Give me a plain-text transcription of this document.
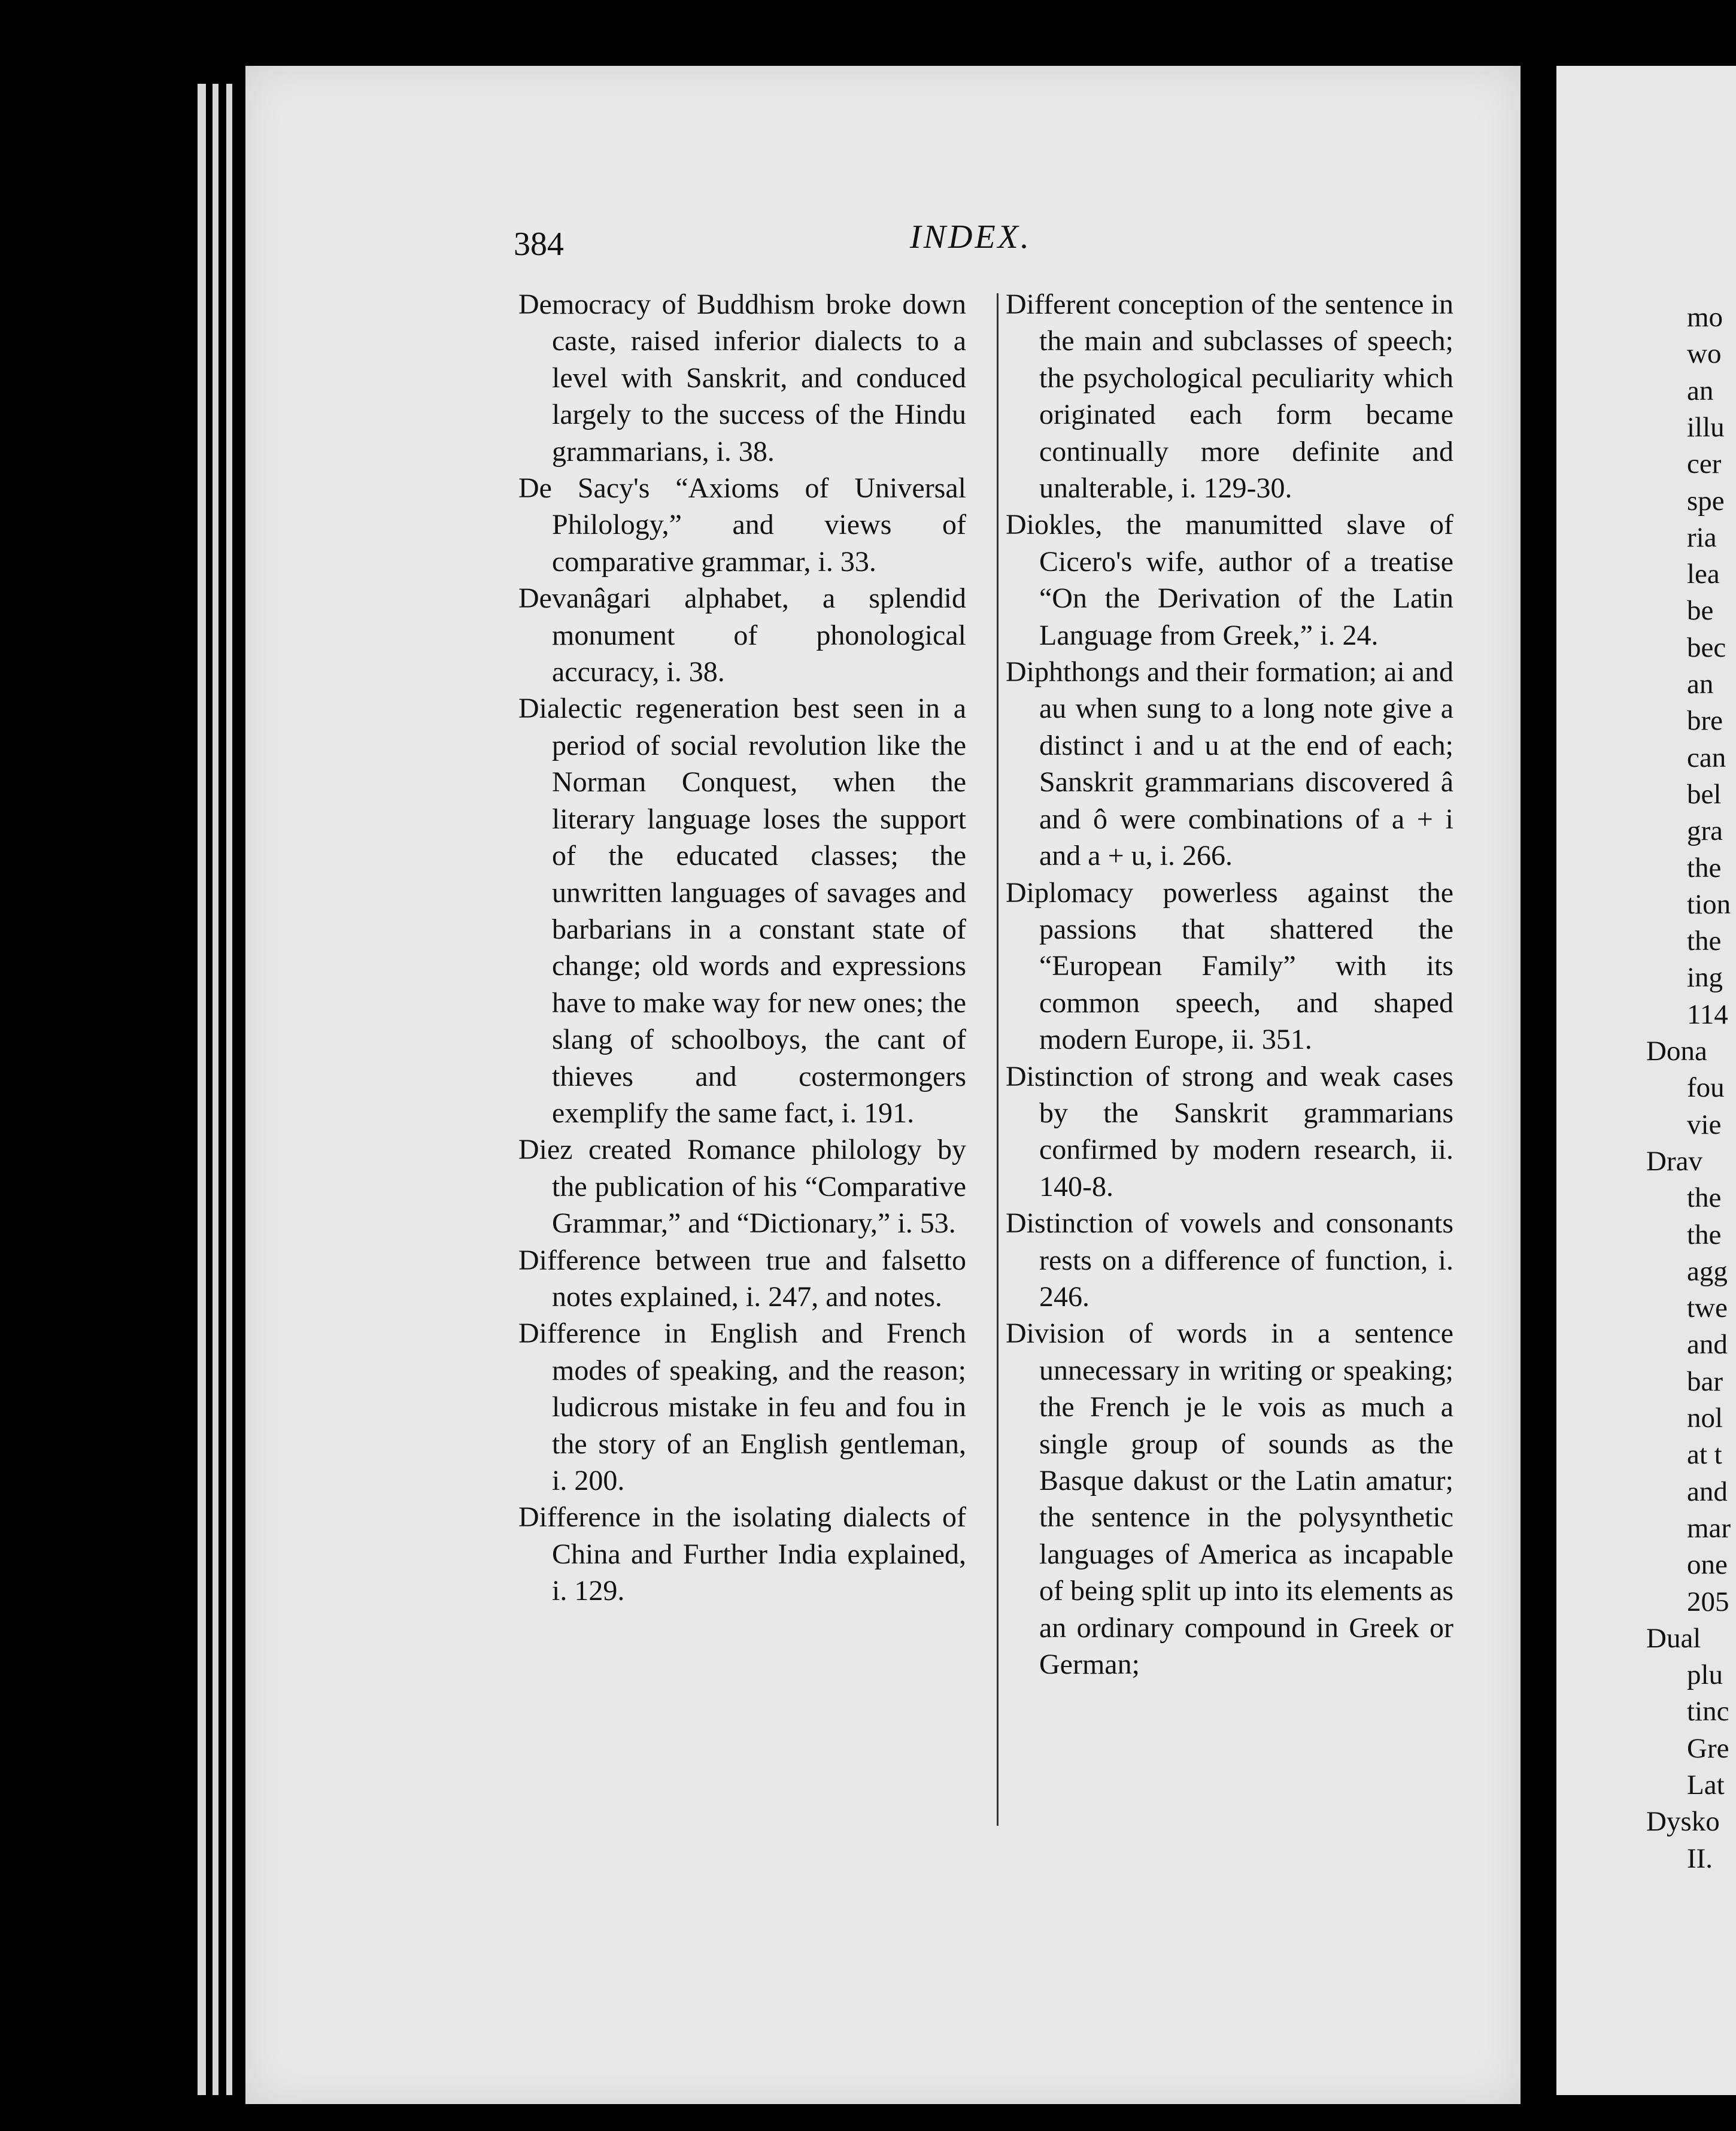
384	INDEX.

Democracy of Buddhism broke down caste, raised inferior dialects to a level with Sanskrit, and conduced largely to the success of the Hindu grammarians, i. 38.

De Sacy's “Axioms of Universal Philology,” and views of comparative grammar, i. 33.

Devanâgari alphabet, a splendid monument of phonological accuracy, i. 38.

Dialectic regeneration best seen in a period of social revolution like the Norman Conquest, when the literary language loses the support of the educated classes; the unwritten languages of savages and barbarians in a constant state of change; old words and expressions have to make way for new ones; the slang of schoolboys, the cant of thieves and costermongers exemplify the same fact, i. 191.

Diez created Romance philology by the publication of his “Comparative Grammar,” and “Dictionary,” i. 53.

Difference between true and falsetto notes explained, i. 247, and notes.

Difference in English and French modes of speaking, and the reason; ludicrous mistake in feu and fou in the story of an English gentleman, i. 200.

Difference in the isolating dialects of China and Further India explained, i. 129.

Different conception of the sentence in the main and subclasses of speech; the psychological peculiarity which originated each form became continually more definite and unalterable, i. 129-30.

Diokles, the manumitted slave of Cicero's wife, author of a treatise “On the Derivation of the Latin Language from Greek,” i. 24.

Diphthongs and their formation; ai and au when sung to a long note give a distinct i and u at the end of each; Sanskrit grammarians discovered â and ô were combinations of a + i and a + u, i. 266.

Diplomacy powerless against the passions that shattered the “European Family” with its common speech, and shaped modern Europe, ii. 351.

Distinction of strong and weak cases by the Sanskrit grammarians confirmed by modern research, ii. 140-8.

Distinction of vowels and consonants rests on a difference of function, i. 246.

Division of words in a sentence unnecessary in writing or speaking; the French je le vois as much a single group of sounds as the Basque dakust or the Latin amatur; the sentence in the polysynthetic languages of America as incapable of being split up into its elements as an ordinary compound in Greek or German;

mo
wo
an
illu
cer
spe
ria
lea
be
bec
an
bre
can
bel
gra
the
tion
the
ing
114
Dona
fou
vie
Drav
the
the
agg
twe
and
bar
nol
at t
and
mar
one
205
Dual
plu
tinc
Gre
Lat
Dysko
II.
